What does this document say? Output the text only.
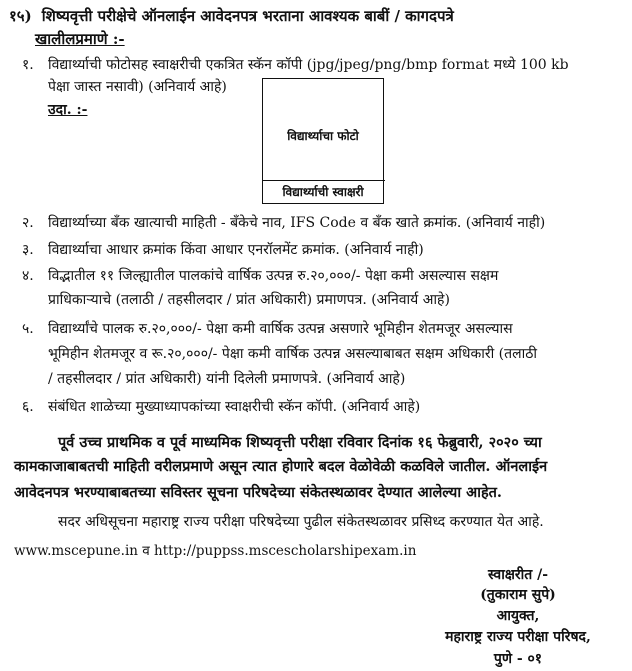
१५) शिष्यवृत्ती परीक्षेचे ऑनलाईन आवेदनपत्र भरताना आवश्यक बाबीं / कागदपत्रे
खालीलप्रमाणे :-
१. विद्यार्थ्याची फोटोसह स्वाक्षरीची एकत्रित स्कॅन कॉपी (jpg/jpeg/png/bmp format मध्ये 100 kb
पेक्षा जास्त नसावी) (अनिवार्य आहे)
उदा. :-
विद्यार्थ्याचा फोटो
विद्यार्थ्याची स्वाक्षरी
२. विद्यार्थ्याच्या बँक खात्याची माहिती - बँकेचे नाव, IFS Code व बँक खाते क्रमांक. (अनिवार्य नाही)
३. विद्यार्थ्याचा आधार क्रमांक किंवा आधार एनरॉलमेंट क्रमांक. (अनिवार्य नाही)
४. विद्भातील ११ जिल्ह्यातील पालकांचे वार्षिक उत्पन्न रु.२०,०००/- पेक्षा कमी असल्यास सक्षम
प्राधिकाऱ्याचे (तलाठी / तहसीलदार / प्रांत अधिकारी) प्रमाणपत्र. (अनिवार्य आहे)
५. विद्यार्थ्यांचे पालक रु.२०,०००/- पेक्षा कमी वार्षिक उत्पन्न असणारे भूमिहीन शेतमजूर असल्यास
भूमिहीन शेतमजूर व रू.२०,०००/- पेक्षा कमी वार्षिक उत्पन्न असल्याबाबत सक्षम अधिकारी (तलाठी
/ तहसीलदार / प्रांत अधिकारी) यांनी दिलेली प्रमाणपत्रे. (अनिवार्य आहे)
६. संबंधित शाळेच्या मुख्याध्यापकांच्या स्वाक्षरीची स्कॅन कॉपी. (अनिवार्य आहे)
पूर्व उच्च प्राथमिक व पूर्व माध्यमिक शिष्यवृत्ती परीक्षा रविवार दिनांक १६ फेब्रुवारी, २०२० च्या
कामकाजाबाबतची माहिती वरीलप्रमाणे असून त्यात होणारे बदल वेळोवेळी कळविले जातील. ऑनलाईन
आवेदनपत्र भरण्याबाबतच्या सविस्तर सूचना परिषदेच्या संकेतस्थळावर देण्यात आलेल्या आहेत.
सदर अधिसूचना महाराष्ट्र राज्य परीक्षा परिषदेच्या पुढील संकेतस्थळावर प्रसिध्द करण्यात येत आहे.
www.mscepune.in व http://puppss.mscescholarshipexam.in
स्वाक्षरीत /-
(तुकाराम सुपे)
आयुक्त,
महाराष्ट्र राज्य परीक्षा परिषद,
पुणे - ०१
